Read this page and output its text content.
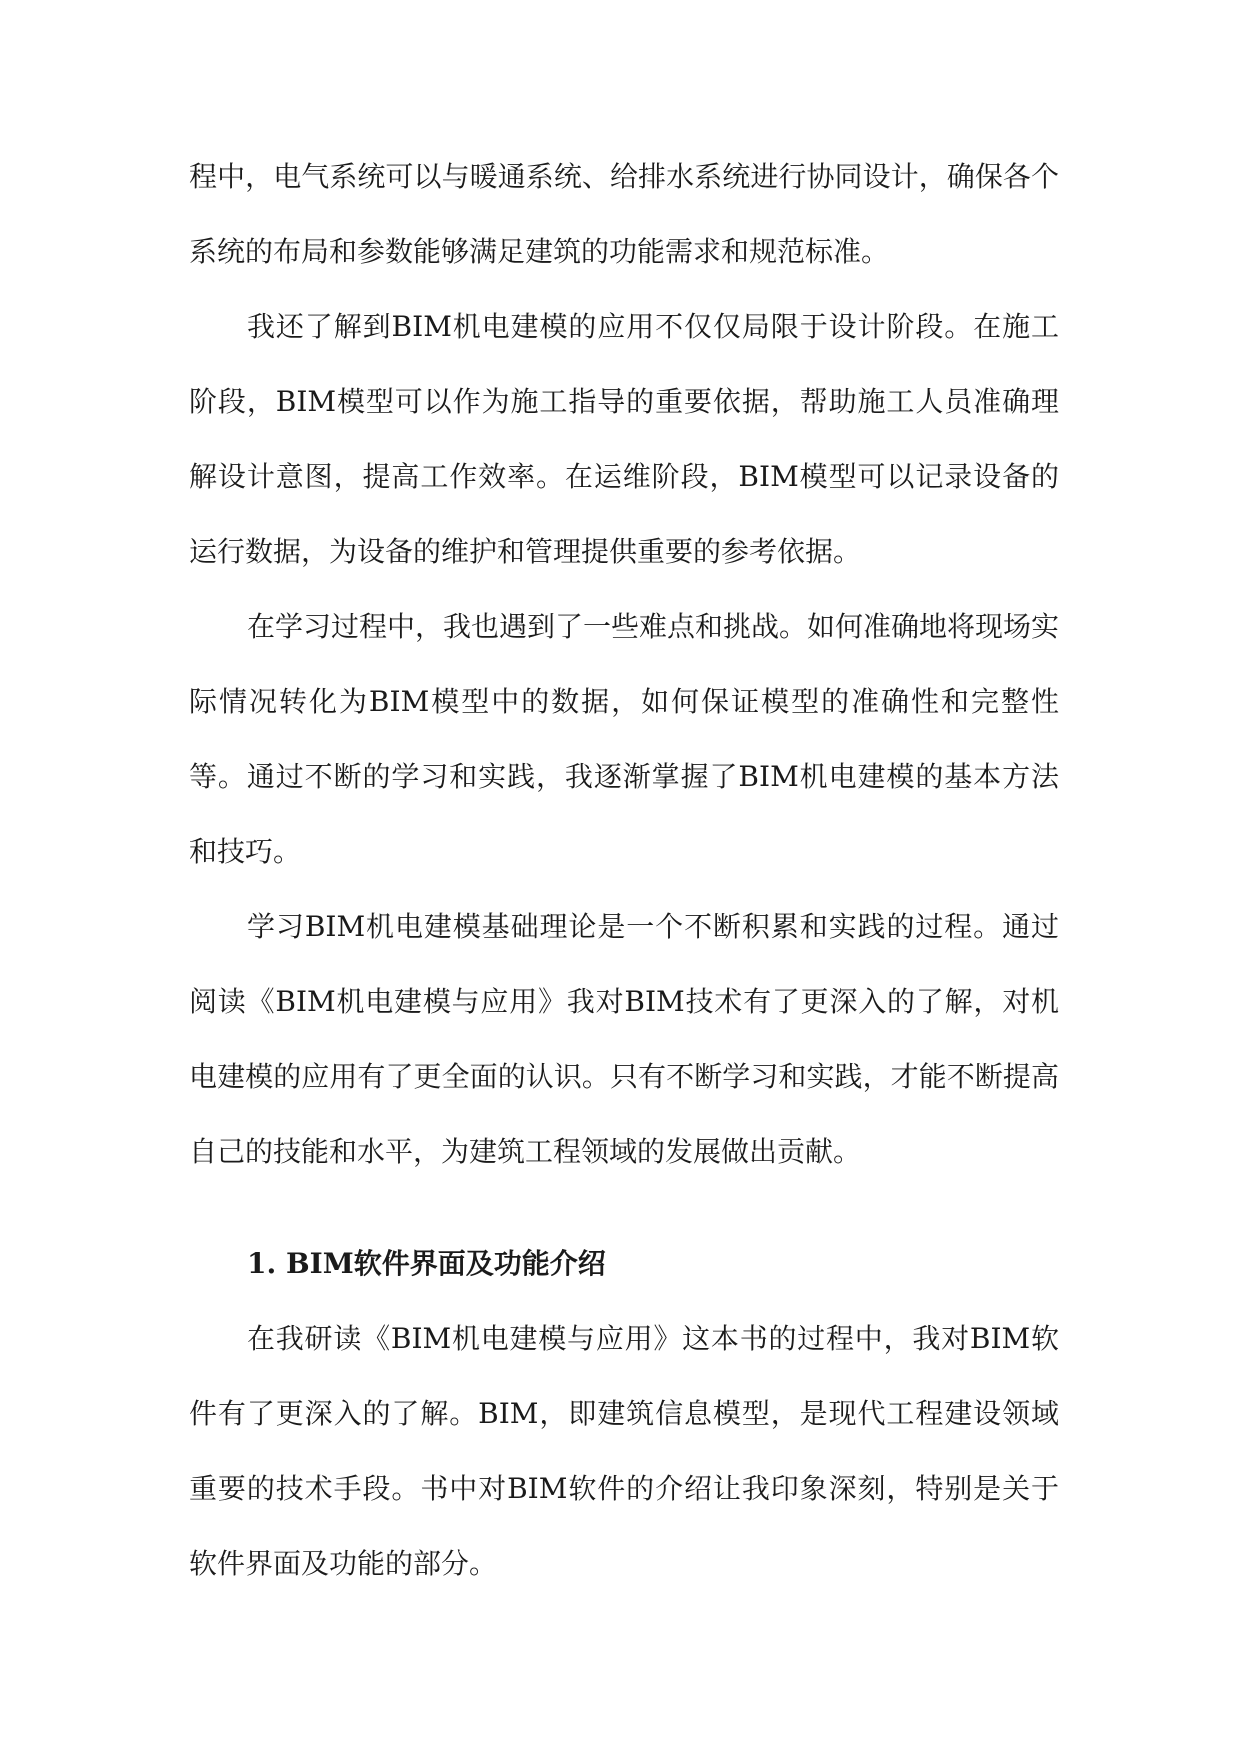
程中，电气系统可以与暖通系统、给排水系统进行协同设计，确保各个系统的布局和参数能够满足建筑的功能需求和规范标准。

我还了解到BIM机电建模的应用不仅仅局限于设计阶段。在施工阶段，BIM模型可以作为施工指导的重要依据，帮助施工人员准确理解设计意图，提高工作效率。在运维阶段，BIM模型可以记录设备的运行数据，为设备的维护和管理提供重要的参考依据。

在学习过程中，我也遇到了一些难点和挑战。如何准确地将现场实际情况转化为BIM模型中的数据，如何保证模型的准确性和完整性等。通过不断的学习和实践，我逐渐掌握了BIM机电建模的基本方法和技巧。

学习BIM机电建模基础理论是一个不断积累和实践的过程。通过阅读《BIM机电建模与应用》我对BIM技术有了更深入的了解，对机电建模的应用有了更全面的认识。只有不断学习和实践，才能不断提高自己的技能和水平，为建筑工程领域的发展做出贡献。

1. BIM软件界面及功能介绍

在我研读《BIM机电建模与应用》这本书的过程中，我对BIM软件有了更深入的了解。BIM，即建筑信息模型，是现代工程建设领域重要的技术手段。书中对BIM软件的介绍让我印象深刻，特别是关于软件界面及功能的部分。
